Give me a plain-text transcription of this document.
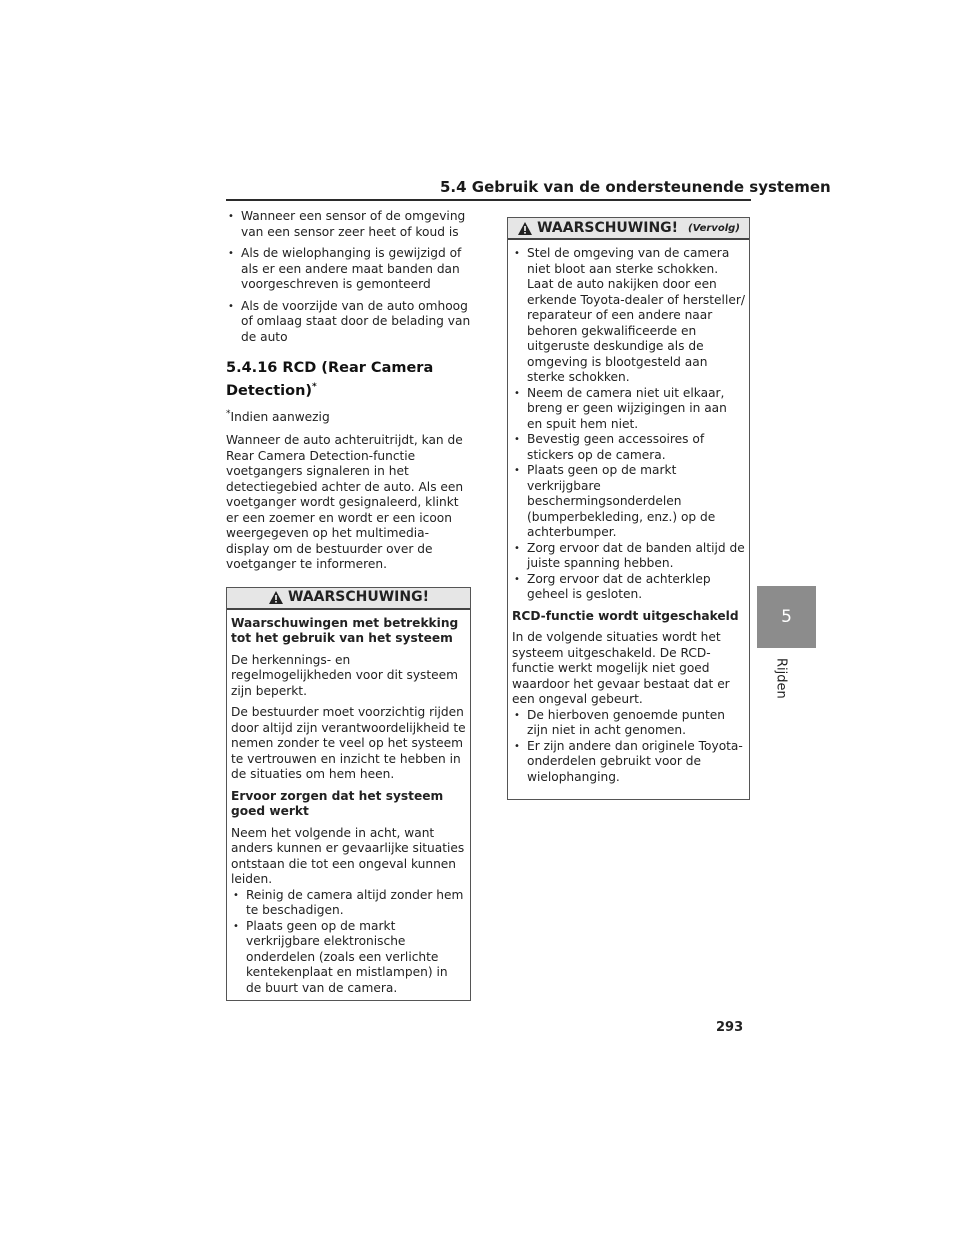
5.4 Gebruik van de ondersteunende systemen
5
Rijden
• Wanneer een sensor of de omgeving van een sensor zeer heet of koud is
• Als de wielophanging is gewijzigd of als er een andere maat banden dan voorgeschreven is gemonteerd
• Als de voorzijde van de auto omhoog of omlaag staat door de belading van de auto
5.4.16 RCD (Rear Camera Detection)*

*Indien aanwezig

Wanneer de auto achteruitrijdt, kan de Rear Camera Detection-functie voetgangers signaleren in het detectiegebied achter de auto. Als een voetganger wordt gesignaleerd, klinkt er een zoemer en wordt er een icoon weergegeven op het multimedia-display om de bestuurder over de voetganger te informeren.

WAARSCHUWING!

Waarschuwingen met betrekking tot het gebruik van het systeem

De herkennings- en regelmogelijkheden voor dit systeem zijn beperkt.

De bestuurder moet voorzichtig rijden door altijd zijn verantwoordelijkheid te nemen zonder te veel op het systeem te vertrouwen en inzicht te hebben in de situaties om hem heen.

Ervoor zorgen dat het systeem goed werkt

Neem het volgende in acht, want anders kunnen er gevaarlijke situaties ontstaan die tot een ongeval kunnen leiden.

• Reinig de camera altijd zonder hem te beschadigen.
• Plaats geen op de markt verkrijgbare elektronische onderdelen (zoals een verlichte kentekenplaat en mistlampen) in de buurt van de camera.
WAARSCHUWING! (Vervolg)
• Stel de omgeving van de camera niet bloot aan sterke schokken. Laat de auto nakijken door een erkende Toyota-dealer of hersteller/ reparateur of een andere naar behoren gekwalificeerde en uitgeruste deskundige als de omgeving is blootgesteld aan sterke schokken.
• Neem de camera niet uit elkaar, breng er geen wijzigingen in aan en spuit hem niet.
• Bevestig geen accessoires of stickers op de camera.
• Plaats geen op de markt verkrijgbare beschermingsonderdelen (bumperbekleding, enz.) op de achterbumper.
• Zorg ervoor dat de banden altijd de juiste spanning hebben.
• Zorg ervoor dat de achterklep geheel is gesloten.

RCD-functie wordt uitgeschakeld

In de volgende situaties wordt het systeem uitgeschakeld. De RCD-functie werkt mogelijk niet goed waardoor het gevaar bestaat dat er een ongeval gebeurt.

• De hierboven genoemde punten zijn niet in acht genomen.
• Er zijn andere dan originele Toyota-onderdelen gebruikt voor de wielophanging.
293
